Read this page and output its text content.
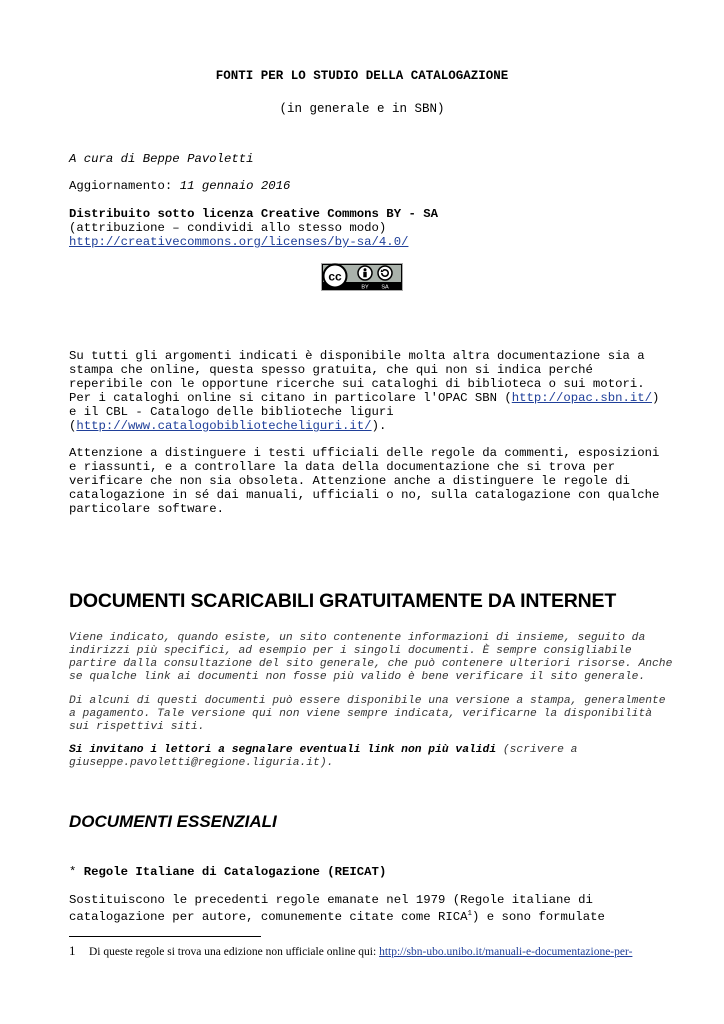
FONTI PER LO STUDIO DELLA CATALOGAZIONE
(in generale e in SBN)
A cura di Beppe Pavoletti
Aggiornamento: 11 gennaio 2016
Distribuito sotto licenza Creative Commons BY - SA
(attribuzione – condividi allo stesso modo)
http://creativecommons.org/licenses/by-sa/4.0/
cc
BY SA
Su tutti gli argomenti indicati è disponibile molta altra documentazione sia a
stampa che online, questa spesso gratuita, che qui non si indica perché
reperibile con le opportune ricerche sui cataloghi di biblioteca o sui motori.
Per i cataloghi online si citano in particolare l'OPAC SBN (http://opac.sbn.it/)
e il CBL - Catalogo delle biblioteche liguri
(http://www.catalogobibliotecheliguri.it/).
Attenzione a distinguere i testi ufficiali delle regole da commenti, esposizioni
e riassunti, e a controllare la data della documentazione che si trova per
verificare che non sia obsoleta. Attenzione anche a distinguere le regole di
catalogazione in sé dai manuali, ufficiali o no, sulla catalogazione con qualche
particolare software.
DOCUMENTI SCARICABILI GRATUITAMENTE DA INTERNET
Viene indicato, quando esiste, un sito contenente informazioni di insieme, seguito da
indirizzi più specifici, ad esempio per i singoli documenti. È sempre consigliabile
partire dalla consultazione del sito generale, che può contenere ulteriori risorse. Anche
se qualche link ai documenti non fosse più valido è bene verificare il sito generale.
Di alcuni di questi documenti può essere disponibile una versione a stampa, generalmente
a pagamento. Tale versione qui non viene sempre indicata, verificarne la disponibilità
sui rispettivi siti.
Si invitano i lettori a segnalare eventuali link non più validi (scrivere a
giuseppe.pavoletti@regione.liguria.it).
DOCUMENTI ESSENZIALI
* Regole Italiane di Catalogazione (REICAT)
Sostituiscono le precedenti regole emanate nel 1979 (Regole italiane di
catalogazione per autore, comunemente citate come RICA$^1$) e sono formulate
1 Di queste regole si trova una edizione non ufficiale online qui: http://sbn-ubo.unibo.it/manuali-e-documentazione-per-
